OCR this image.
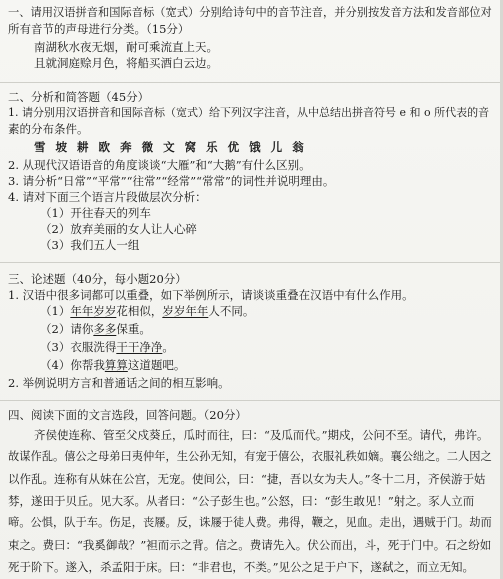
一、请用汉语拼音和国际音标（宽式）分别给诗句中的音节注音，并分别按发音方法和发音部位对
所有音节的声母进行分类。（15分）
南湖秋水夜无烟，耐可乘流直上天。
且就洞庭赊月色，将船买酒白云边。
二、分析和简答题（45分）
1. 请分别用汉语拼音和国际音标（宽式）给下列汉字注音，从中总结出拼音符号 e 和 o 所代表的音
素的分布条件。
雪 坡 耕 欧 奔 微 文 窝 乐 优 饿 儿 翁
2. 从现代汉语语音的角度谈谈“大雁”和“大鹅”有什么区别。
3. 请分析“日常”“平常”“往常”“经常”“常常”的词性并说明理由。
4. 请对下面三个语言片段做层次分析：
（1）开往春天的列车
（2）放弃美丽的女人让人心碎
（3）我们五人一组
三、论述题（40分，每小题20分）
1. 汉语中很多词都可以重叠，如下举例所示，请谈谈重叠在汉语中有什么作用。
（1）年年岁岁花相似，岁岁年年人不同。
（2）请你多多保重。
（3）衣服洗得干干净净。
（4）你帮我算算这道题吧。
2. 举例说明方言和普通话之间的相互影响。
四、阅读下面的文言选段，回答问题。（20分）
齐侯使连称、管至父戍葵丘，瓜时而往，曰：“及瓜而代。”期戍，公问不至。请代，弗许。
故谋作乱。僖公之母弟曰夷仲年，生公孙无知，有宠于僖公，衣服礼秩如嫡。襄公绌之。二人因之
以作乱。连称有从妹在公宫，无宠。使间公，曰：“捷，吾以女为夫人。”冬十二月，齐侯游于姑
棼，遂田于贝丘。见大豕。从者曰：“公子彭生也。”公怒，曰：“彭生敢见！”射之。豕人立而
啼。公惧，队于车。伤足，丧屦。反，诛屦于徒人费。弗得，鞭之，见血。走出，遇贼于门。劫而
束之。费曰：“我奚御哉？”袒而示之背。信之。费请先入。伏公而出，斗，死于门中。石之纷如
死于阶下。遂入，杀孟阳于床。曰：“非君也，不类。”见公之足于户下，遂弑之，而立无知。
